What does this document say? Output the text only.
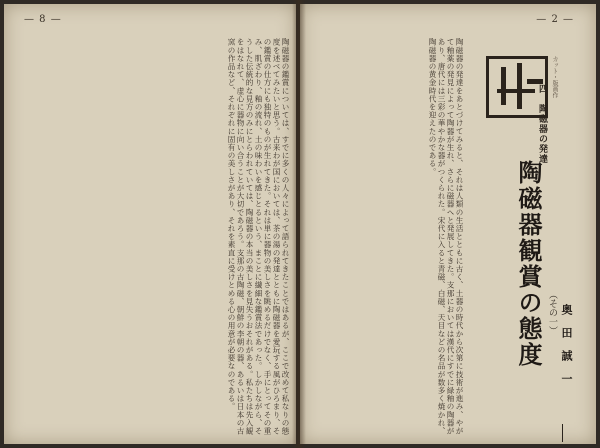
— 8 —
陶磁器の鑑賞については、すでに多くの人々によって語られてきたことではあるが、ここで改めて私なりの態度を述べてみたいと思う。古来わが国においては、茶の湯の発達とともに陶磁器を愛玩する風がひろまり、その鑑賞の仕方にも独特のものが生れてきた。それは単に器物の美しさを眺めるだけでなく、手にとってその重み、肌ざわり、釉の流れ、土の味わいを感じとるという、まことに繊細な鑑賞法であった。しかしながら、そうした伝統的な見方のみにとらわれていては、陶磁器の本当の美しさを見失うおそれがある。私たちは先入観をはなれて、虚心に器物に向い合うことが大切であろう。支那の古陶磁、朝鮮の李朝の器、あるいは日本の古窯の作品など、それぞれに固有の美しさがあり、それを素直に受けとめる心の用意が必要なのである。
— 2 —
陶磁器の発達をあとづけてみると、それは人類の生活とともに古く、土器の時代から次第に技術が進み、やがて釉薬の発見によって陶器が生れ、さらに磁器へと発展してきた。支那においては漢代にすでに緑釉の陶器があり、唐代には三彩の華やかな器がつくられた。宋代に入ると青磁、白磁、天目などの名品が数多く焼かれ、陶磁器の黄金時代を迎えたのである。	四　陶磁器の発達
カット・版画作
陶磁器観賞の態度 （その一） 奥田誠一
